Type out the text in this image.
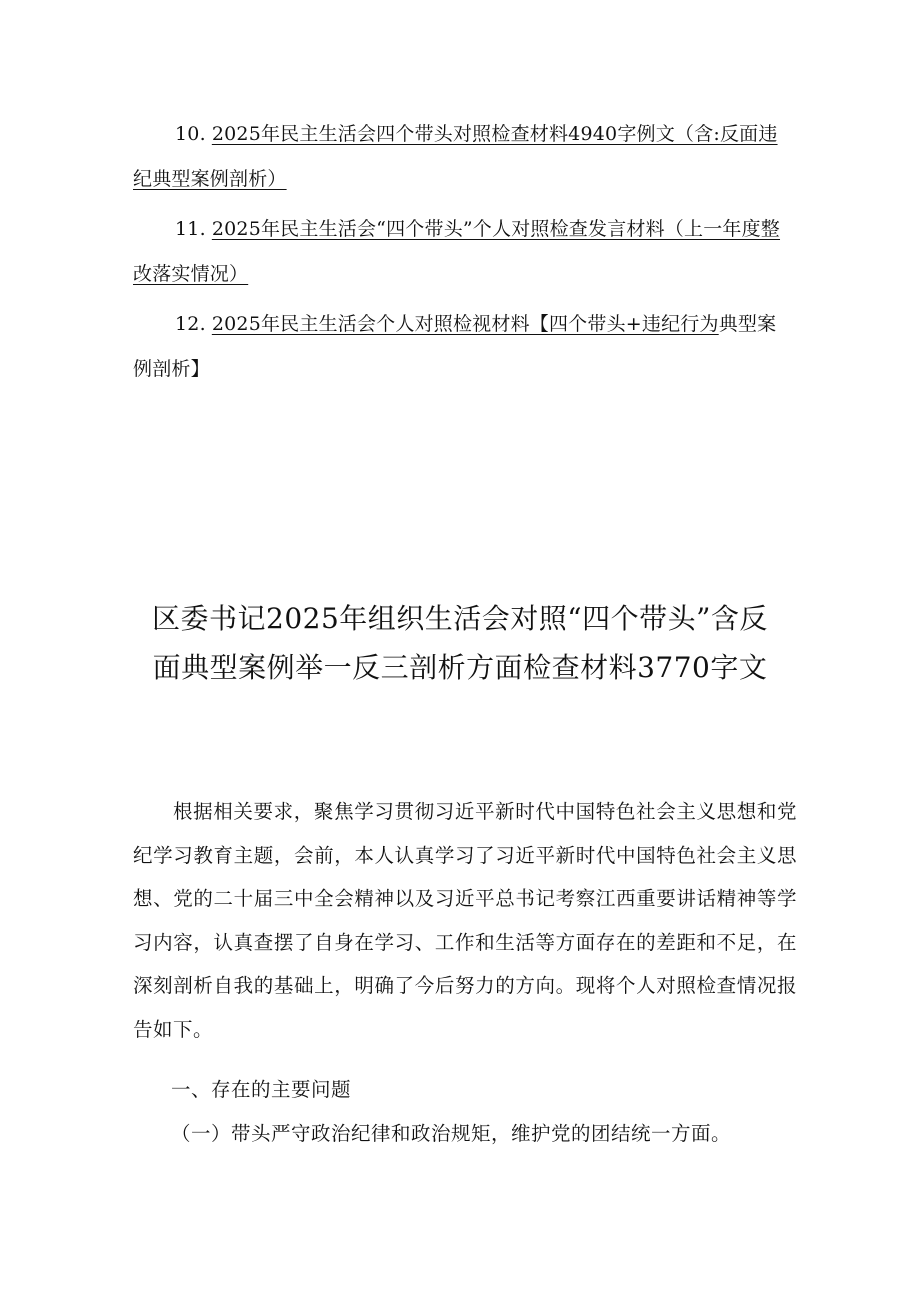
10. 2025年民主生活会四个带头对照检查材料4940字例文（含:反面违纪典型案例剖析）
11. 2025年民主生活会“四个带头”个人对照检查发言材料（上一年度整改落实情况）
12. 2025年民主生活会个人对照检视材料【四个带头+违纪行为典型案例剖析】
区委书记2025年组织生活会对照“四个带头”含反
面典型案例举一反三剖析方面检查材料3770字文

根据相关要求，聚焦学习贯彻习近平新时代中国特色社会主义思想和党纪学习教育主题，会前，本人认真学习了习近平新时代中国特色社会主义思想、党的二十届三中全会精神以及习近平总书记考察江西重要讲话精神等学习内容，认真查摆了自身在学习、工作和生活等方面存在的差距和不足，在深刻剖析自我的基础上，明确了今后努力的方向。现将个人对照检查情况报告如下。

一、存在的主要问题

（一）带头严守政治纪律和政治规矩，维护党的团结统一方面。
